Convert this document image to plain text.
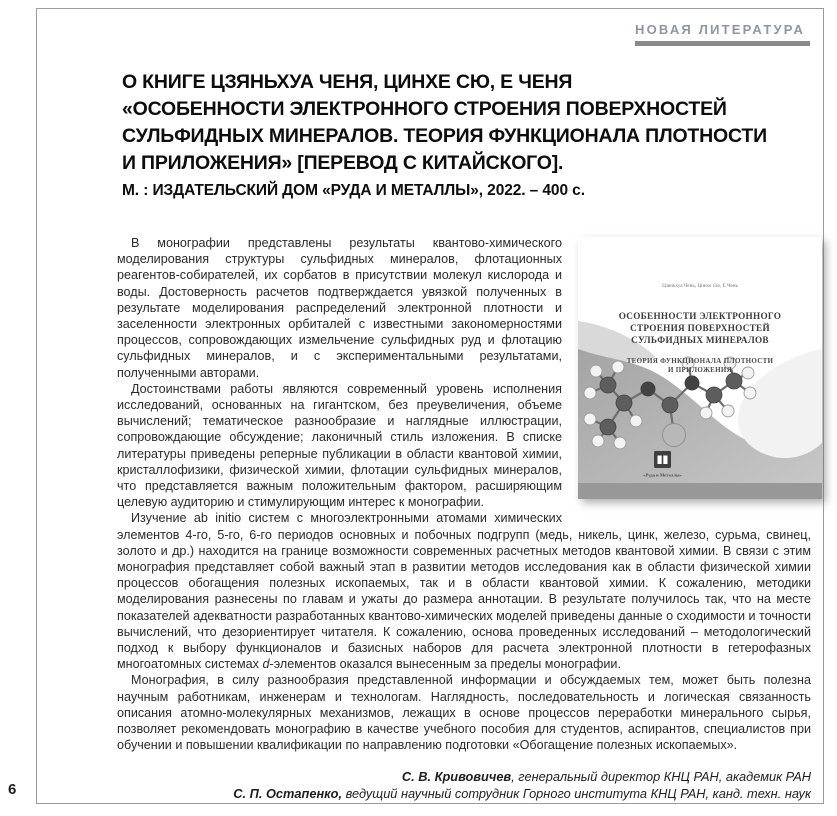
НОВАЯ ЛИТЕРАТУРА
О КНИГЕ ЦЗЯНЬХУА ЧЕНЯ, ЦИНХЕ СЮ, Е ЧЕНЯ
«ОСОБЕННОСТИ ЭЛЕКТРОННОГО СТРОЕНИЯ ПОВЕРХНОСТЕЙ
СУЛЬФИДНЫХ МИНЕРАЛОВ. ТЕОРИЯ ФУНКЦИОНАЛА ПЛОТНОСТИ
И ПРИЛОЖЕНИЯ» [ПЕРЕВОД С КИТАЙСКОГО].
М. : ИЗДАТЕЛЬСКИЙ ДОМ «РУДА И МЕТАЛЛЫ», 2022. – 400 с.
Цзяньхуа Чень, Цинхе Сю, Е Чень
ОСОБЕННОСТИ ЭЛЕКТРОННОГО
СТРОЕНИЯ ПОВЕРХНОСТЕЙ
СУЛЬФИДНЫХ МИНЕРАЛОВ
ТЕОРИЯ ФУНКЦИОНАЛА ПЛОТНОСТИ
И ПРИЛОЖЕНИЯ
«Руда и Металлы»

В монографии представлены результаты квантово-химического моделирования структуры сульфидных минералов, флотационных реагентов-собирателей, их сорбатов в присутствии молекул кислорода и воды. Достоверность расчетов подтверждается увязкой полученных в результате моделирования распределений электронной плотности и заселенности электронных орбиталей с известными закономерностями процессов, сопровождающих измельчение сульфидных руд и флотацию сульфидных минералов, и с экспериментальными результатами, полученными авторами.

Достоинствами работы являются современный уровень исполнения исследований, основанных на гигантском, без преувеличения, объеме вычислений; тематическое разнообразие и наглядные иллюстрации, сопровождающие обсуждение; лаконичный стиль изложения. В списке литературы приведены реперные публикации в области квантовой химии, кристаллофизики, физической химии, флотации сульфидных минералов, что представляется важным положительным фактором, расширяющим целевую аудиторию и стимулирующим интерес к монографии.

Изучение ab initio систем с многоэлектронными атомами химических элементов 4-го, 5-го, 6-го периодов основных и побочных подгрупп (медь, никель, цинк, железо, сурьма, свинец, золото и др.) находится на границе возможности современных расчетных методов квантовой химии. В связи с этим монография представляет собой важный этап в развитии методов исследования как в области физической химии процессов обогащения полезных ископаемых, так и в области квантовой химии. К сожалению, методики моделирования разнесены по главам и ужаты до размера аннотации. В результате получилось так, что на месте показателей адекватности разработанных квантово-химических моделей приведены данные о сходимости и точности вычислений, что дезориентирует читателя. К сожалению, основа проведенных исследований – методологический подход к выбору функционалов и базисных наборов для расчета электронной плотности в гетерофазных многоатомных системах d-элементов оказался вынесенным за пределы монографии.

Монография, в силу разнообразия представленной информации и обсуждаемых тем, может быть полезна научным работникам, инженерам и технологам. Наглядность, последовательность и логическая связанность описания атомно-молекулярных механизмов, лежащих в основе процессов переработки минерального сырья, позволяет рекомендовать монографию в качестве учебного пособия для студентов, аспирантов, специалистов при обучении и повышении квалификации по направлению подготовки «Обогащение полезных ископаемых».

С. В. Кривовичев, генеральный директор КНЦ РАН, академик РАН
С. П. Остапенко, ведущий научный сотрудник Горного института КНЦ РАН, канд. техн. наук
6
